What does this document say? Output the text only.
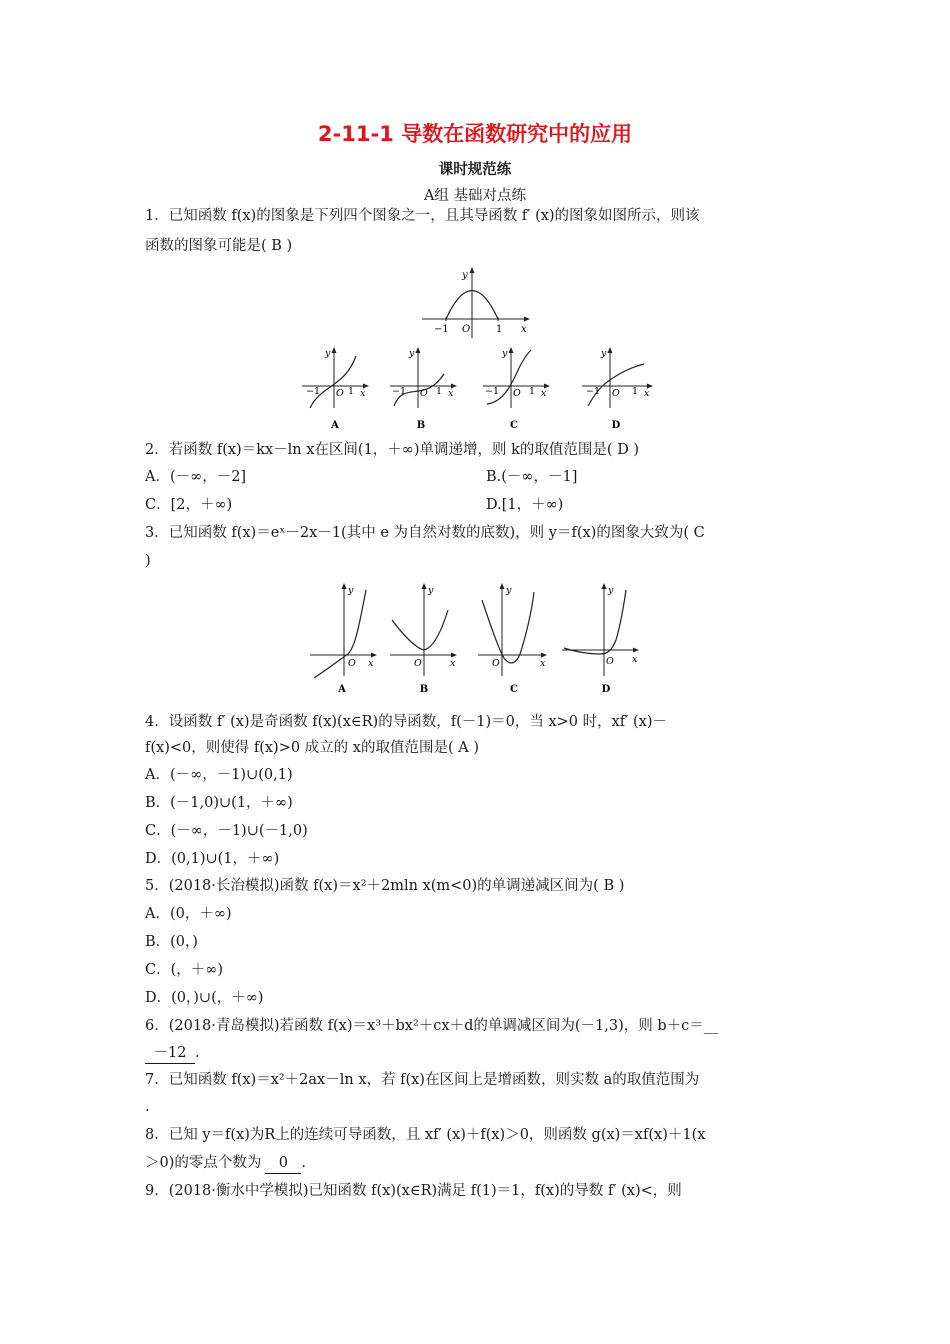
2-11-1 导数在函数研究中的应用
课时规范练
A组 基础对点练
1．已知函数 f(x)的图象是下列四个图象之一，且其导函数 f′ (x)的图象如图所示，则该
函数的图象可能是( B )
y
−1 O	1 x
y
−1 O 1 x
A
y
−1 O 1 x
B
y
−1 O 1 x
C
y
−1 O 1 x
D
2．若函数 f(x)＝kx－ln x在区间(1，＋∞)单调递增，则 k的取值范围是( D )
A．(－∞，－2]	B.(－∞，－1]
C．[2，＋∞)	D.[1，＋∞)
3．已知函数 f(x)＝eˣ－2x－1(其中 e 为自然对数的底数)，则 y＝f(x)的图象大致为( C
)
y
O x
A
y
O	x
B
y
O	x
C
y
O x
D
4．设函数 f′ (x)是奇函数 f(x)(x∈R)的导函数，f(－1)＝0，当 x>0 时，xf′ (x)－
f(x)<0，则使得 f(x)>0 成立的 x的取值范围是( A )
A．(－∞，－1)∪(0,1)
B．(－1,0)∪(1，＋∞)
C．(－∞，－1)∪(－1,0)
D．(0,1)∪(1，＋∞)
5．(2018·长治模拟)函数 f(x)＝x²＋2mln x(m<0)的单调递减区间为( B )
A．(0，＋∞)
B．(0，)
C．(，＋∞)
D．(0，)∪(，＋∞)
6．(2018·青岛模拟)若函数 f(x)＝x³＋bx²＋cx＋d的单调减区间为(－1,3)，则 b＋c＝__
－12 .
7．已知函数 f(x)＝x²＋2ax－ln x，若 f(x)在区间上是增函数，则实数 a的取值范围为
.
8．已知 y＝f(x)为R上的连续可导函数，且 xf′ (x)＋f(x)＞0，则函数 g(x)＝xf(x)＋1(x
＞0)的零点个数为 0 .
9．(2018·衡水中学模拟)已知函数 f(x)(x∈R)满足 f(1)＝1，f(x)的导数 f′ (x)<，则
